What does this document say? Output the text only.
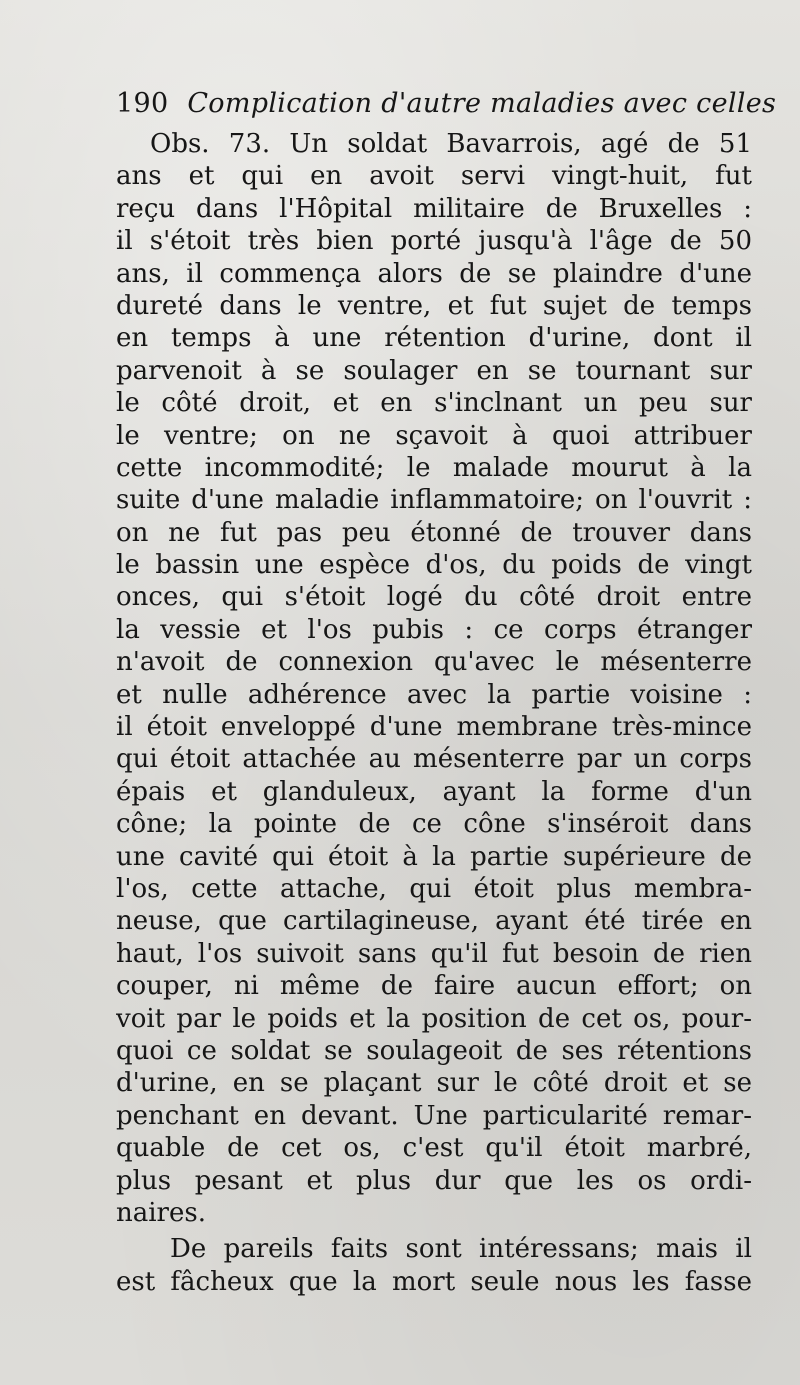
190 Complication d'autre maladies avec celles
Obs. 73. Un soldat Bavarrois, agé de 51
ans et qui en avoit servi vingt-huit, fut
reçu dans l'Hôpital militaire de Bruxelles :
il s'étoit très bien porté jusqu'à l'âge de 50
ans, il commença alors de se plaindre d'une
dureté dans le ventre, et fut sujet de temps
en temps à une rétention d'urine, dont il
parvenoit à se soulager en se tournant sur
le côté droit, et en s'inclnant un peu sur
le ventre; on ne sçavoit à quoi attribuer
cette incommodité; le malade mourut à la
suite d'une maladie inflammatoire; on l'ouvrit :
on ne fut pas peu étonné de trouver dans
le bassin une espèce d'os, du poids de vingt
onces, qui s'étoit logé du côté droit entre
la vessie et l'os pubis : ce corps étranger
n'avoit de connexion qu'avec le mésenterre
et nulle adhérence avec la partie voisine :
il étoit enveloppé d'une membrane très-mince
qui étoit attachée au mésenterre par un corps
épais et glanduleux, ayant la forme d'un
cône; la pointe de ce cône s'inséroit dans
une cavité qui étoit à la partie supérieure de
l'os, cette attache, qui étoit plus membra-
neuse, que cartilagineuse, ayant été tirée en
haut, l'os suivoit sans qu'il fut besoin de rien
couper, ni même de faire aucun effort; on
voit par le poids et la position de cet os, pour-
quoi ce soldat se soulageoit de ses rétentions
d'urine, en se plaçant sur le côté droit et se
penchant en devant. Une particularité remar-
quable de cet os, c'est qu'il étoit marbré,
plus pesant et plus dur que les os ordi-
naires.
De pareils faits sont intéressans; mais il
est fâcheux que la mort seule nous les fasse
